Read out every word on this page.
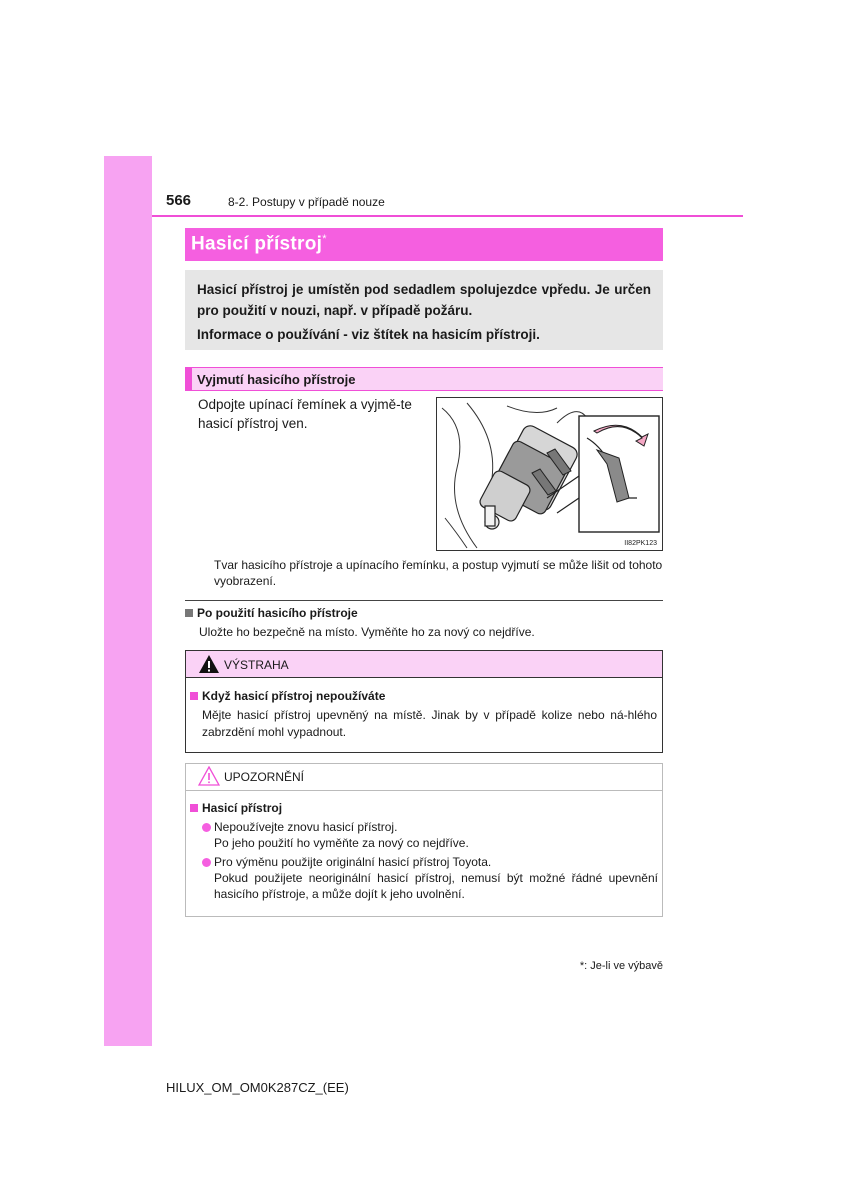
566	8-2. Postupy v případě nouze
Hasicí přístroj*

Hasicí přístroj je umístěn pod sedadlem spolujezdce vpředu. Je určen pro použití v nouzi, např. v případě požáru.

Informace o používání - viz štítek na hasicím přístroji.

Vyjmutí hasicího přístroje
Odpojte upínací řemínek a vyjmě-te hasicí přístroj ven.
II82PK123
Tvar hasicího přístroje a upínacího řemínku, a postup vyjmutí se může lišit od tohoto vyobrazení.
Po použití hasicího přístroje
Uložte ho bezpečně na místo. Vyměňte ho za nový co nejdříve.
VÝSTRAHA
Když hasicí přístroj nepoužíváte
Mějte hasicí přístroj upevněný na místě. Jinak by v případě kolize nebo ná-hlého zabrzdění mohl vypadnout.
UPOZORNĚNÍ
Hasicí přístroj
Nepoužívejte znovu hasicí přístroj.
Po jeho použití ho vyměňte za nový co nejdříve.
Pro výměnu použijte originální hasicí přístroj Toyota.
Pokud použijete neoriginální hasicí přístroj, nemusí být možné řádné upevnění hasicího přístroje, a může dojít k jeho uvolnění.
*: Je-li ve výbavě
HILUX_OM_OM0K287CZ_(EE)
